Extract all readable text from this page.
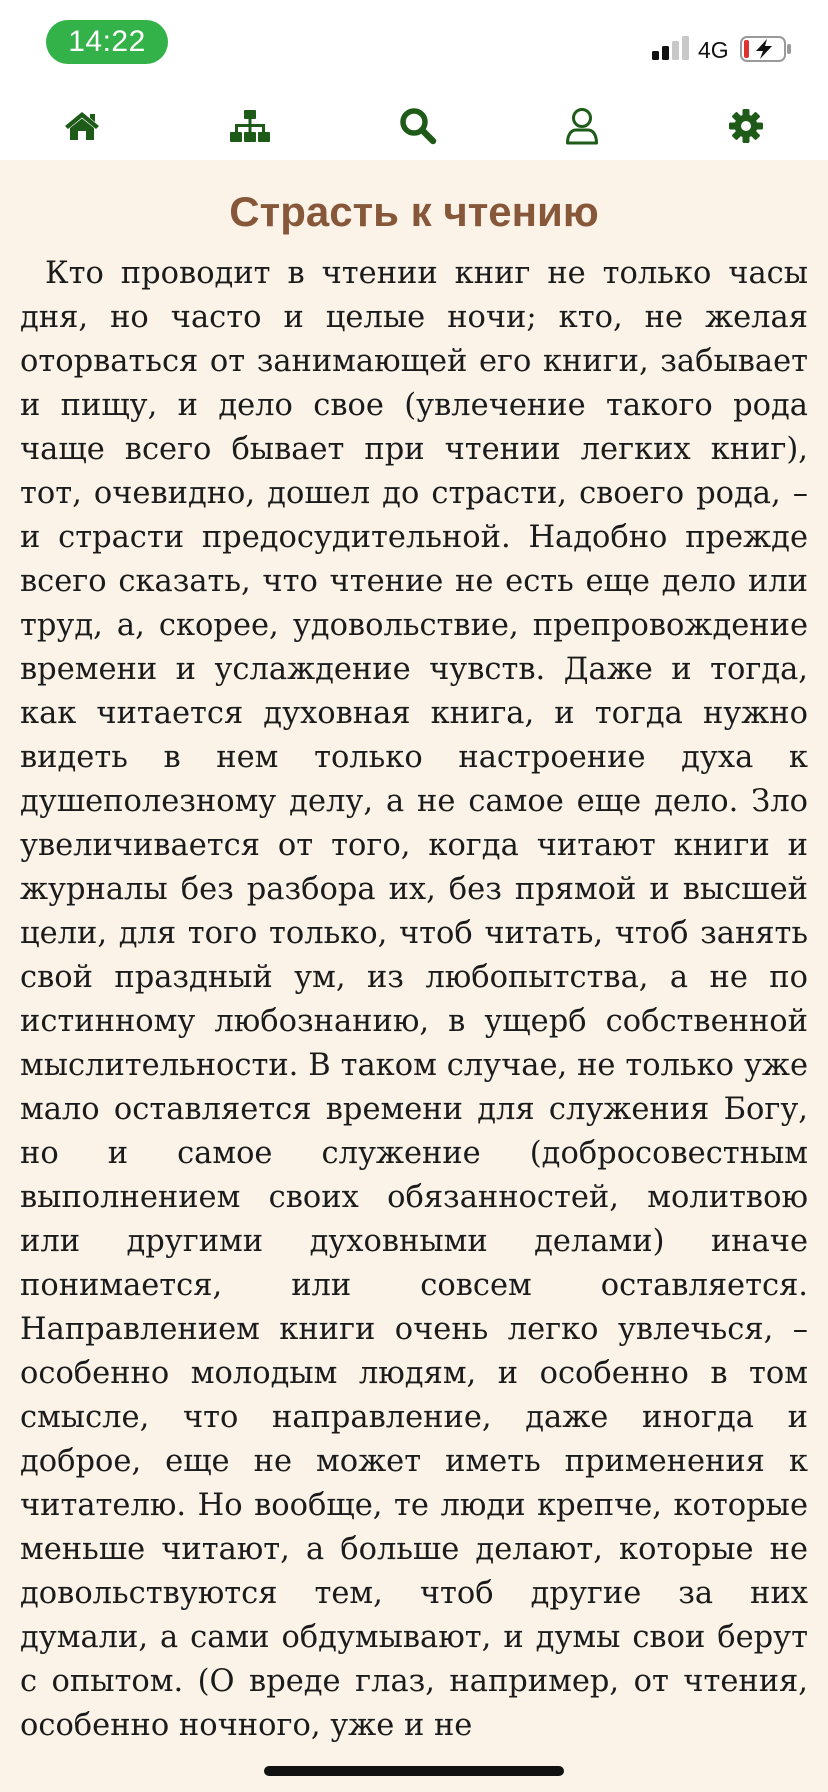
14:22	4G
Страсть к чтению

Кто проводит в чтении книг не только часы дня, но часто и целые ночи; кто, не желая оторваться от занимающей его книги, забывает и пищу, и дело свое (увлечение такого рода чаще всего бывает при чтении легких книг), тот, очевидно, дошел до страсти, своего рода, – и страсти предосудительной. Надобно прежде всего сказать, что чтение не есть еще дело или труд, а, скорее, удовольствие, препровождение времени и услаждение чувств. Даже и тогда, как читается духовная книга, и тогда нужно видеть в нем только настроение духа к душеполезному делу, а не самое еще дело. Зло увеличивается от того, когда читают книги и журналы без разбора их, без прямой и высшей цели, для того только, чтоб читать, чтоб занять свой праздный ум, из любопытства, а не по истинному любознанию, в ущерб собственной мыслительности. В таком случае, не только уже мало оставляется времени для служения Богу, но и самое служение (добросовестным выполнением своих обязанностей, молитвою или другими духовными делами) иначе понимается, или совсем оставляется. Направлением книги очень легко увлечься, – особенно молодым людям, и особенно в том смысле, что направление, даже иногда и доброе, еще не может иметь применения к читателю. Но вообще, те люди крепче, которые меньше читают, а больше делают, которые не довольствуются тем, чтоб другие за них думали, а сами обдумывают, и думы свои берут с опытом. (О вреде глаз, например, от чтения, особенно ночного, уже и не
